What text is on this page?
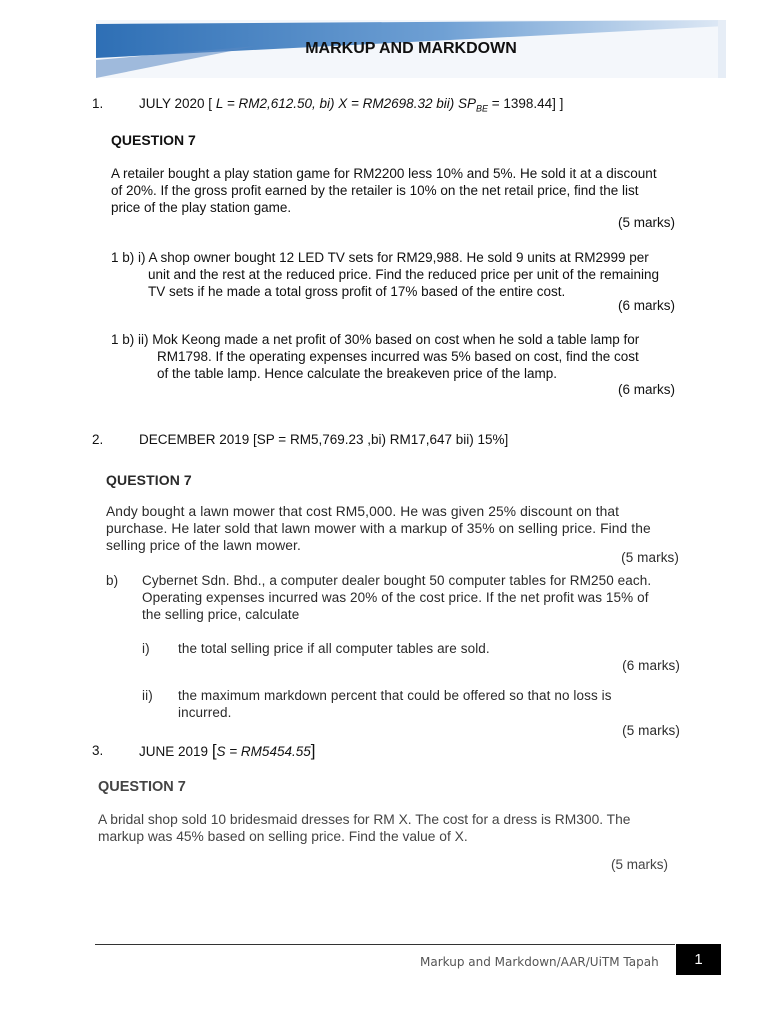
MARKUP AND MARKDOWN
1.	JULY 2020 [ L = RM2,612.50, bi) X = RM2698.32 bii) $SP_{BE} = 1398.44$] ]
QUESTION 7
A retailer bought a play station game for RM2200 less 10% and 5%. He sold it at a discount
of 20%. If the gross profit earned by the retailer is 10% on the net retail price, find the list
price of the play station game.
(5 marks)
1 b) i) A shop owner bought 12 LED TV sets for RM29,988. He sold 9 units at RM2999 per
unit and the rest at the reduced price. Find the reduced price per unit of the remaining
TV sets if he made a total gross profit of 17% based of the entire cost.
(6 marks)
1 b) ii) Mok Keong made a net profit of 30% based on cost when he sold a table lamp for
RM1798. If the operating expenses incurred was 5% based on cost, find the cost
of the table lamp. Hence calculate the breakeven price of the lamp.
(6 marks)
2.	DECEMBER 2019 [SP = RM5,769.23 ,bi) RM17,647 bii) 15%]
QUESTION 7
Andy bought a lawn mower that cost RM5,000. He was given 25% discount on that
purchase. He later sold that lawn mower with a markup of 35% on selling price. Find the
selling price of the lawn mower.
(5 marks)
b) Cybernet Sdn. Bhd., a computer dealer bought 50 computer tables for RM250 each.
Operating expenses incurred was 20% of the cost price. If the net profit was 15% of
the selling price, calculate
i) the total selling price if all computer tables are sold.
(6 marks)
ii) the maximum markdown percent that could be offered so that no loss is
incurred.
(5 marks)
3.	JUNE 2019 [S = RM5454.55]
QUESTION 7
A bridal shop sold 10 bridesmaid dresses for RM X. The cost for a dress is RM300. The
markup was 45% based on selling price. Find the value of X.
(5 marks)
Markup and Markdown/AAR/UiTM Tapah	1
